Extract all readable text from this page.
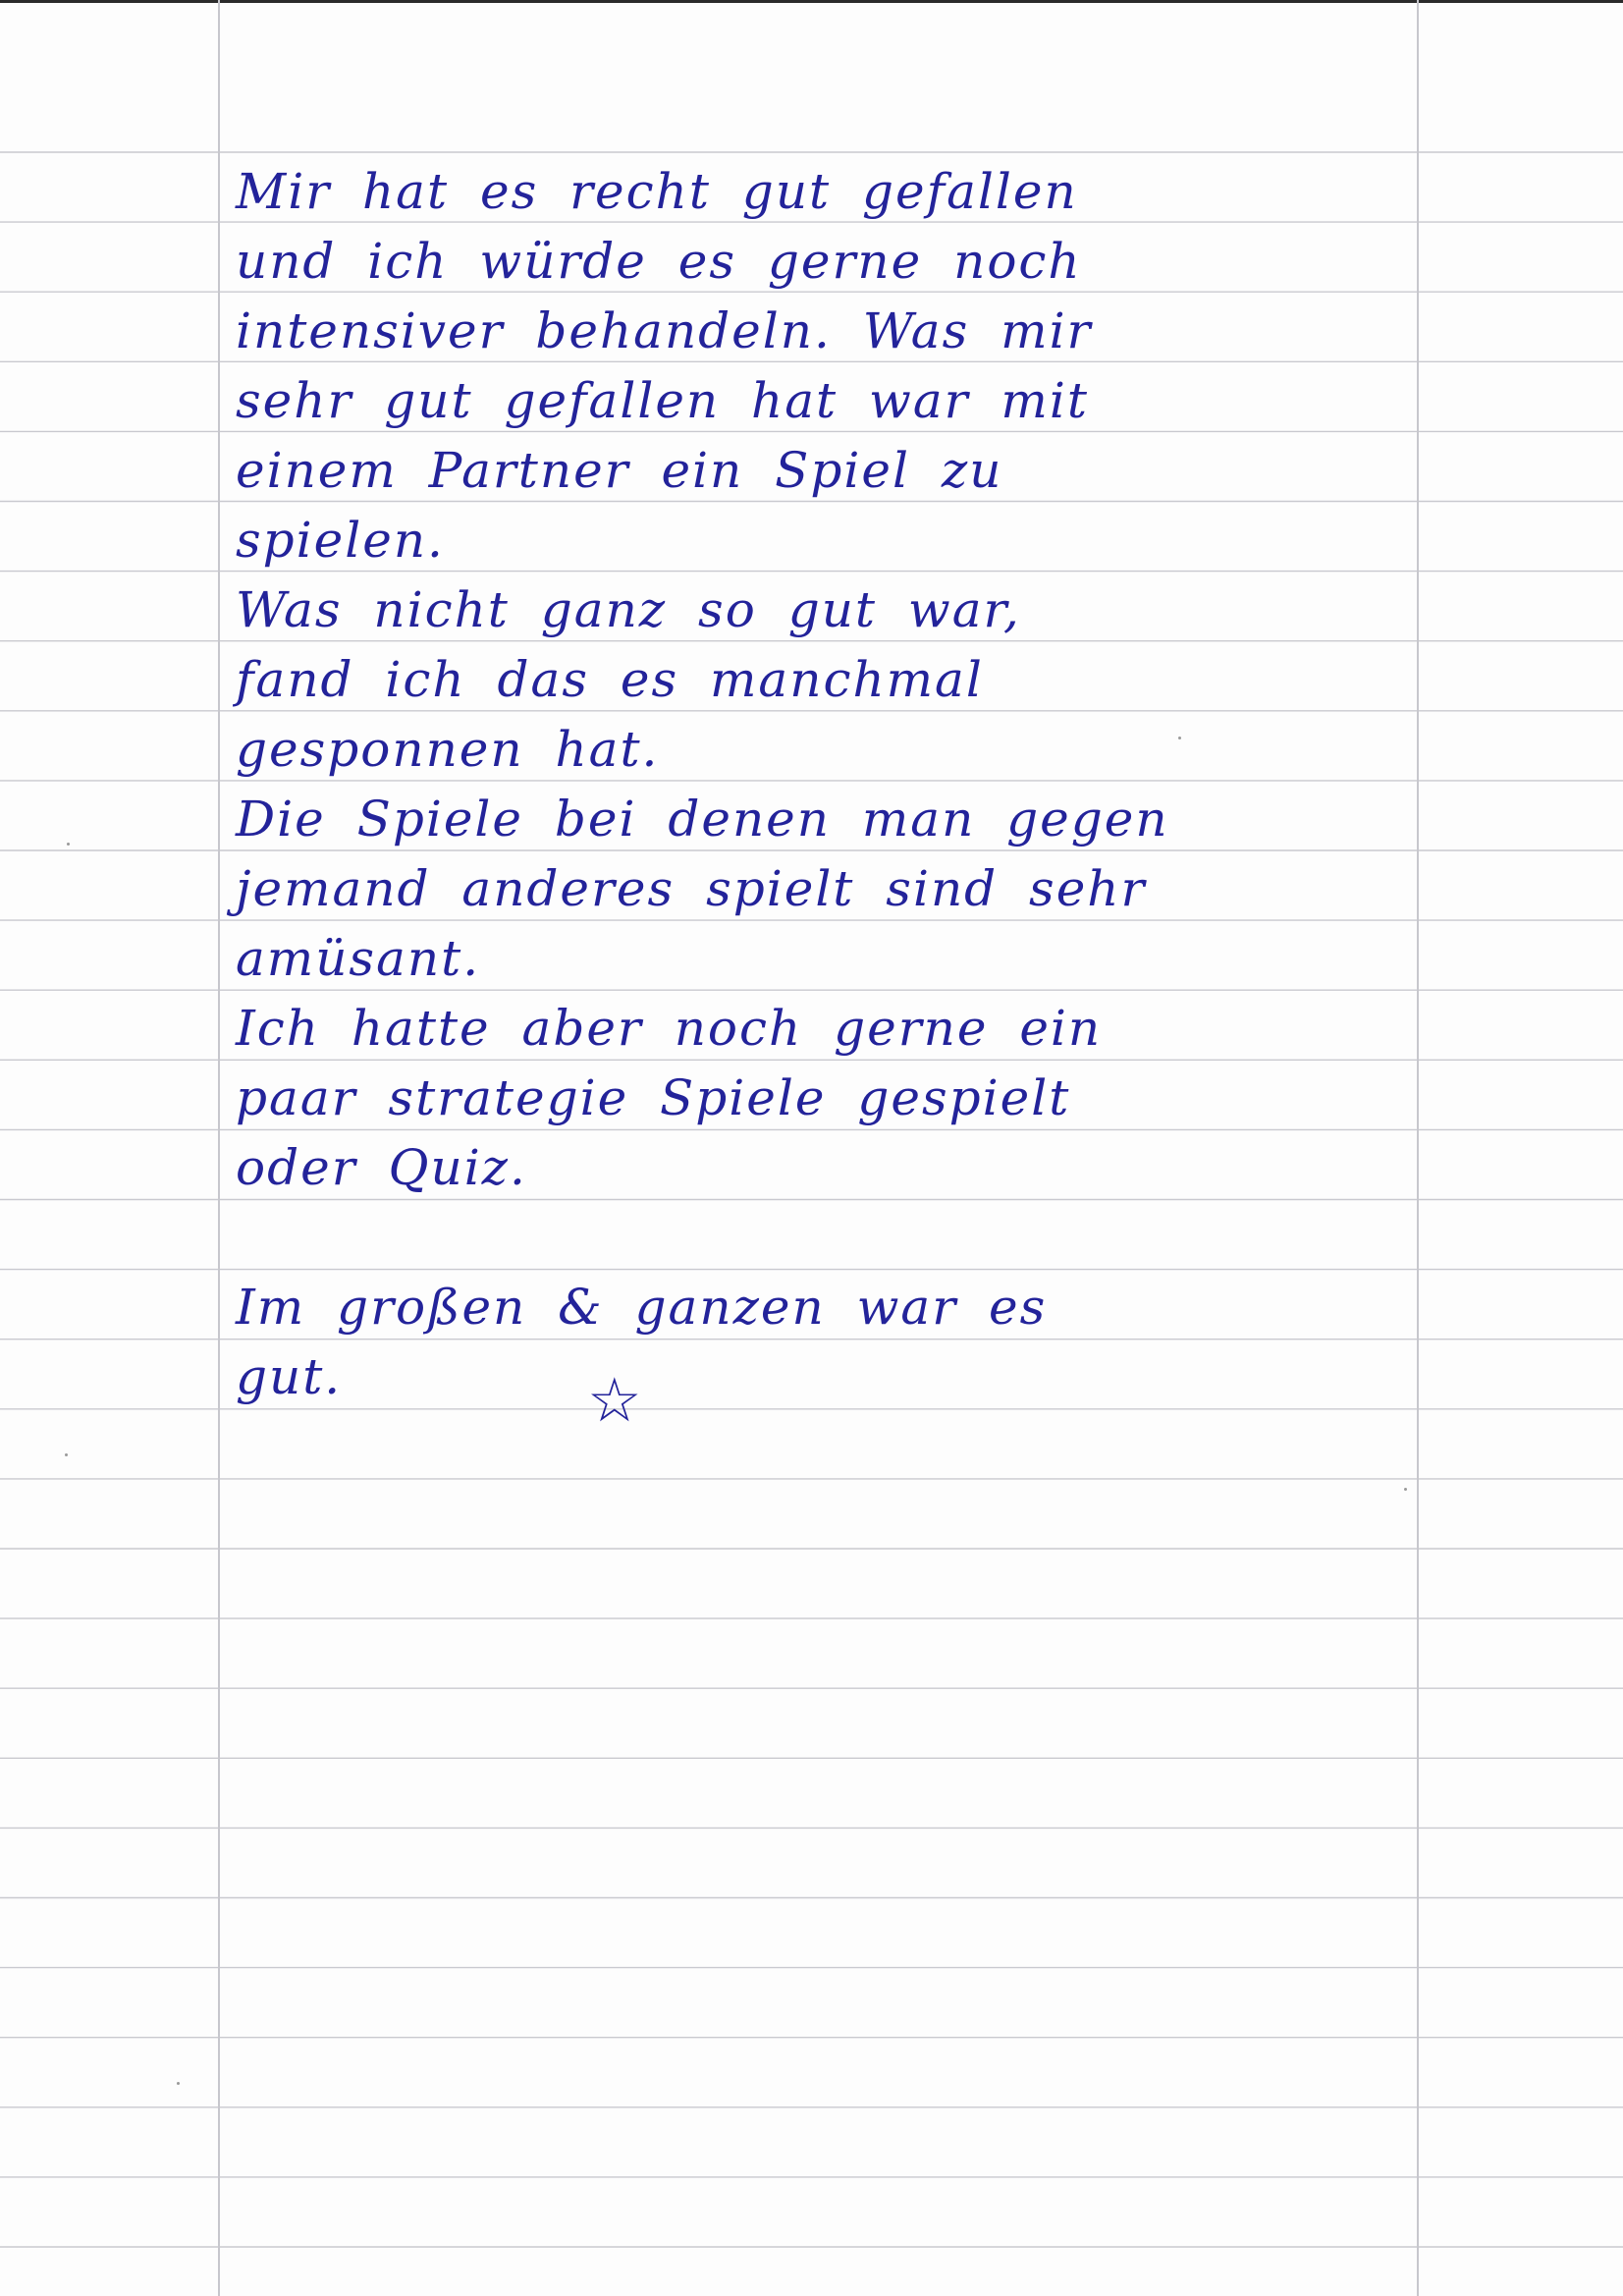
Mir hat es recht gut gefallen
und ich würde es gerne noch
intensiver behandeln. Was mir
sehr gut gefallen hat war mit
einem Partner ein Spiel zu
spielen.
Was nicht ganz so gut war,
fand ich das es manchmal
gesponnen hat.
Die Spiele bei denen man gegen
jemand anderes spielt sind sehr
amüsant.
Ich hatte aber noch gerne ein
paar strategie Spiele gespielt
oder Quiz.
Im großen & ganzen war es
gut.	☆
